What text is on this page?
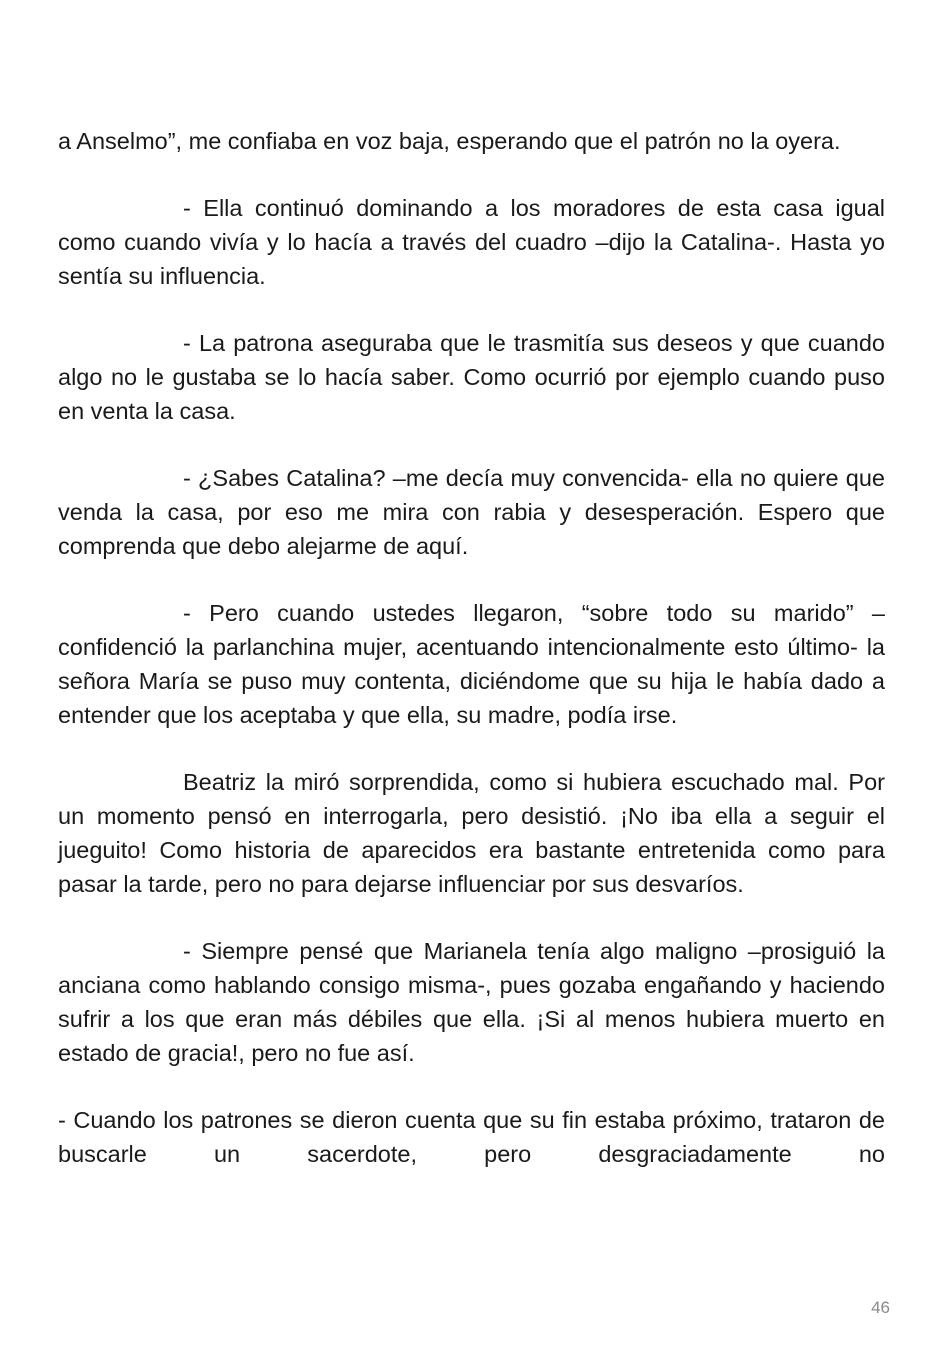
a Anselmo”, me confiaba en voz baja, esperando que el patrón no la oyera.

- Ella continuó dominando a los moradores de esta casa igual como cuando vivía y lo hacía a través del cuadro –dijo la Catalina-. Hasta yo sentía su influencia.

- La patrona aseguraba que le trasmitía sus deseos y que cuando algo no le gustaba se lo hacía saber. Como ocurrió por ejemplo cuando puso en venta la casa.

- ¿Sabes Catalina? –me decía muy convencida- ella no quiere que venda la casa, por eso me mira con rabia y desesperación. Espero que comprenda que debo alejarme de aquí.

- Pero cuando ustedes llegaron, “sobre todo su marido” –confidenció la parlanchina mujer, acentuando intencionalmente esto último- la señora María se puso muy contenta, diciéndome que su hija le había dado a entender que los aceptaba y que ella, su madre, podía irse.

Beatriz la miró sorprendida, como si hubiera escuchado mal. Por un momento pensó en interrogarla, pero desistió. ¡No iba ella a seguir el jueguito! Como historia de aparecidos era bastante entretenida como para pasar la tarde, pero no para dejarse influenciar por sus desvaríos.

- Siempre pensé que Marianela tenía algo maligno –prosiguió la anciana como hablando consigo misma-, pues gozaba engañando y haciendo sufrir a los que eran más débiles que ella. ¡Si al menos hubiera muerto en estado de gracia!, pero no fue así.

- Cuando los patrones se dieron cuenta que su fin estaba próximo, trataron de buscarle un sacerdote, pero desgraciadamente no

46
